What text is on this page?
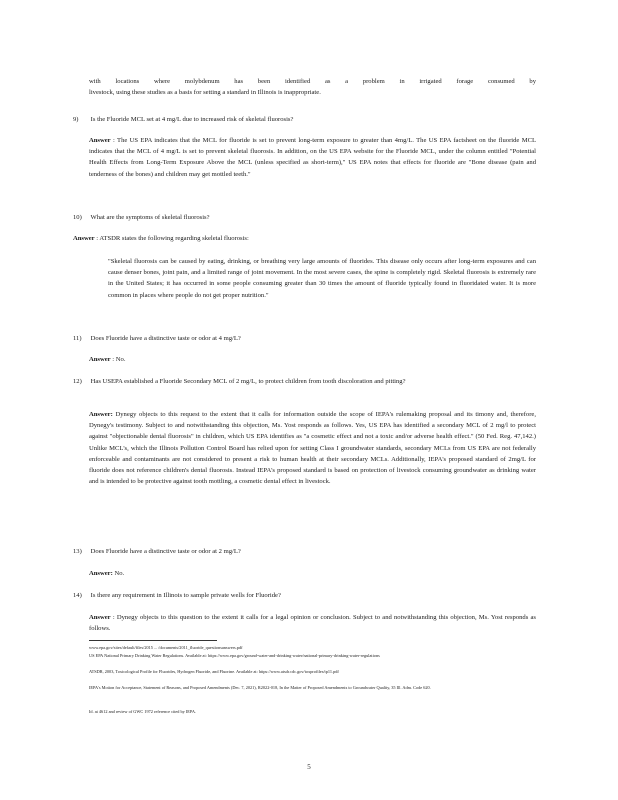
with locations where molybdenum has been identified as a problem in irrigated forage consumed by
livestock, using these studies as a basis for setting a standard in Illinois is inappropriate.
9) Is the Fluoride MCL set at 4 mg/L due to increased risk of skeletal fluorosis?
Answer : The US EPA indicates that the MCL for fluoride is set to prevent long-term exposure to greater than 4mg/L. The US EPA factsheet on the fluoride MCL indicates that the MCL of 4 mg/L is set to prevent skeletal fluorosis. In addition, on the US EPA website for the Fluoride MCL, under the column entitled "Potential Health Effects from Long-Term Exposure Above the MCL (unless specified as short-term)," US EPA notes that effects for fluoride are "Bone disease (pain and tenderness of the bones) and children may get mottled teeth."
10) What are the symptoms of skeletal fluorosis?
Answer : ATSDR states the following regarding skeletal fluorosis:
"Skeletal fluorosis can be caused by eating, drinking, or breathing very large amounts of fluorides. This disease only occurs after long-term exposures and can cause denser bones, joint pain, and a limited range of joint movement. In the most severe cases, the spine is completely rigid. Skeletal fluorosis is extremely rare in the United States; it has occurred in some people consuming greater than 30 times the amount of fluoride typically found in fluoridated water. It is more common in places where people do not get proper nutrition."
11) Does Fluoride have a distinctive taste or odor at 4 mg/L?
Answer : No.
12) Has USEPA established a Fluoride Secondary MCL of 2 mg/L, to protect children from tooth discoloration and pitting?
Answer: Dynegy objects to this request to the extent that it calls for information outside the scope of IEPA's rulemaking proposal and its timony and, therefore, Dynegy's testimony. Subject to and notwithstanding this objection, Ms. Yost responds as follows. Yes, US EPA has identified a secondary MCL of 2 mg/l to protect against "objectionable dental fluorosis" in children, which US EPA identifies as "a cosmetic effect and not a toxic and/or adverse health effect." (50 Fed. Reg. 47,142.) Unlike MCL's, which the Illinois Pollution Control Board has relied upon for setting Class I groundwater standards, secondary MCLs from US EPA are not federally enforceable and contaminants are not considered to present a risk to human health at their secondary MCLs. Additionally, IEPA's proposed standard of 2mg/L for fluoride does not reference children's dental fluorosis. Instead IEPA's proposed standard is based on protection of livestock consuming groundwater as drinking water and is intended to be protective against tooth mottling, a cosmetic dental effect in livestock.
13) Does Fluoride have a distinctive taste or odor at 2 mg/L?
Answer: No.
14) Is there any requirement in Illinois to sample private wells for Fluoride?
Answer : Dynegy objects to this question to the extent it calls for a legal opinion or conclusion. Subject to and notwithstanding this objection, Ms. Yost responds as follows.
www.epa.gov/sites/default/files/2015 ... /documents/2011_fluoride_questionsanswers.pdf
US EPA National Primary Drinking Water Regulations. Available at: https://www.epa.gov/ground-water-and-drinking-water/national-primary-drinking-water-regulations
ATSDR, 2003, Toxicological Profile for Fluorides, Hydrogen Fluoride, and Fluorine. Available at: https://www.atsdr.cdc.gov/toxprofiles/tp11.pdf
IEPA's Motion for Acceptance, Statement of Reasons, and Proposed Amendments (Dec. 7, 2021), R2022-018, In the Matter of Proposed Amendments to Groundwater Quality, 35 Ill. Adm. Code 620.
Id. at 4612 and review of GWC 1972 reference cited by IEPA.
5
